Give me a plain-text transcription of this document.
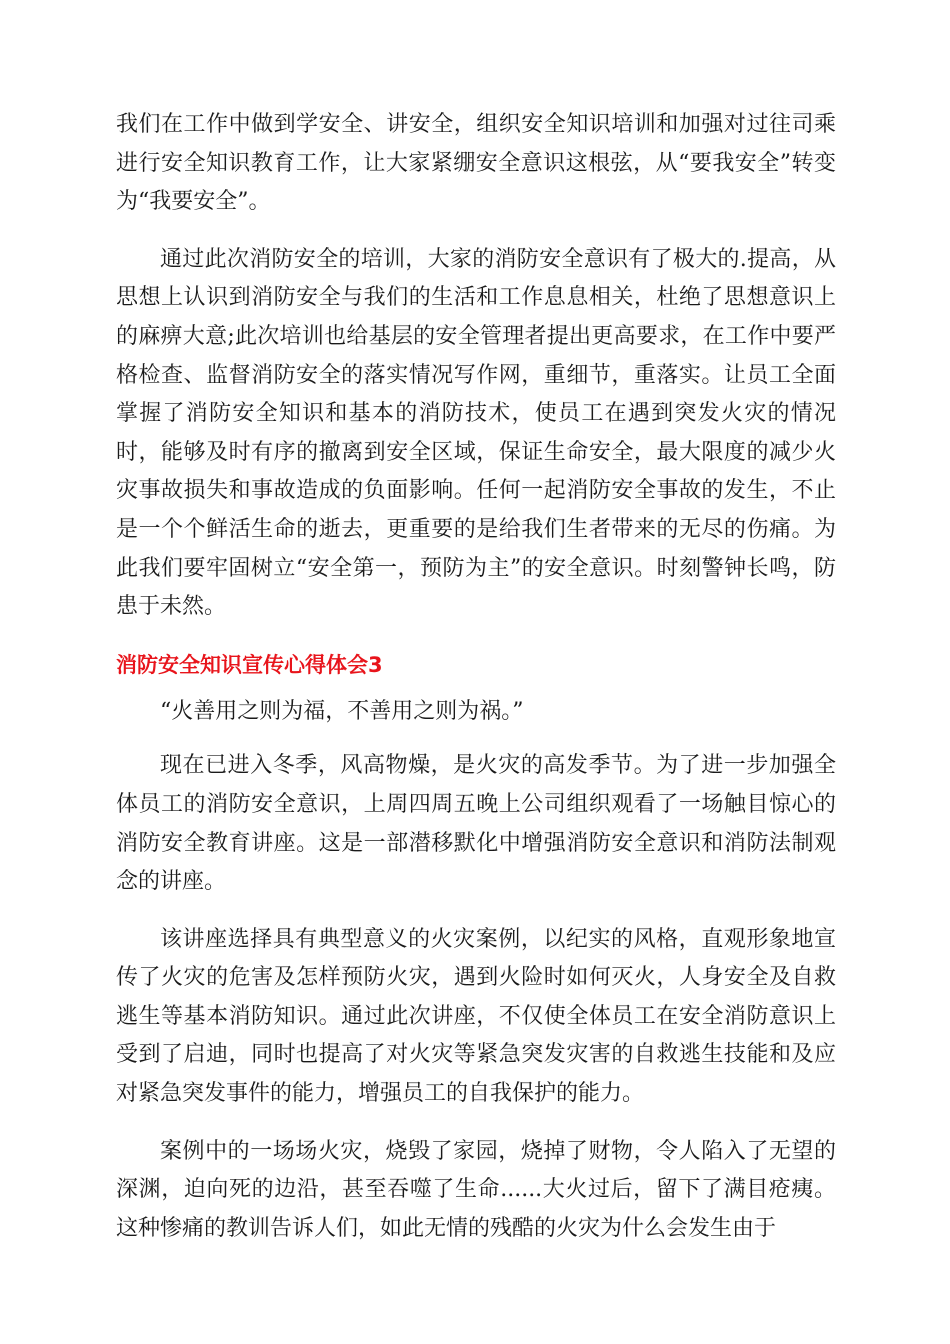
我们在工作中做到学安全、讲安全，组织安全知识培训和加强对过往司乘进行安全知识教育工作，让大家紧绷安全意识这根弦，从“要我安全”转变为“我要安全”。

通过此次消防安全的培训，大家的消防安全意识有了极大的.提高，从思想上认识到消防安全与我们的生活和工作息息相关，杜绝了思想意识上的麻痹大意;此次培训也给基层的安全管理者提出更高要求，在工作中要严格检查、监督消防安全的落实情况写作网，重细节，重落实。让员工全面掌握了消防安全知识和基本的消防技术，使员工在遇到突发火灾的情况时，能够及时有序的撤离到安全区域，保证生命安全，最大限度的减少火灾事故损失和事故造成的负面影响。任何一起消防安全事故的发生，不止是一个个鲜活生命的逝去，更重要的是给我们生者带来的无尽的伤痛。为此我们要牢固树立“安全第一，预防为主”的安全意识。时刻警钟长鸣，防患于未然。

消防安全知识宣传心得体会3

“火善用之则为福，不善用之则为祸。”

现在已进入冬季，风高物燥，是火灾的高发季节。为了进一步加强全体员工的消防安全意识，上周四周五晚上公司组织观看了一场触目惊心的消防安全教育讲座。这是一部潜移默化中增强消防安全意识和消防法制观念的讲座。

该讲座选择具有典型意义的火灾案例，以纪实的风格，直观形象地宣传了火灾的危害及怎样预防火灾，遇到火险时如何灭火，人身安全及自救逃生等基本消防知识。通过此次讲座，不仅使全体员工在安全消防意识上受到了启迪，同时也提高了对火灾等紧急突发灾害的自救逃生技能和及应对紧急突发事件的能力，增强员工的自我保护的能力。

案例中的一场场火灾，烧毁了家园，烧掉了财物，令人陷入了无望的深渊，迫向死的边沿，甚至吞噬了生命......大火过后，留下了满目疮痍。这种惨痛的教训告诉人们，如此无情的残酷的火灾为什么会发生由于
